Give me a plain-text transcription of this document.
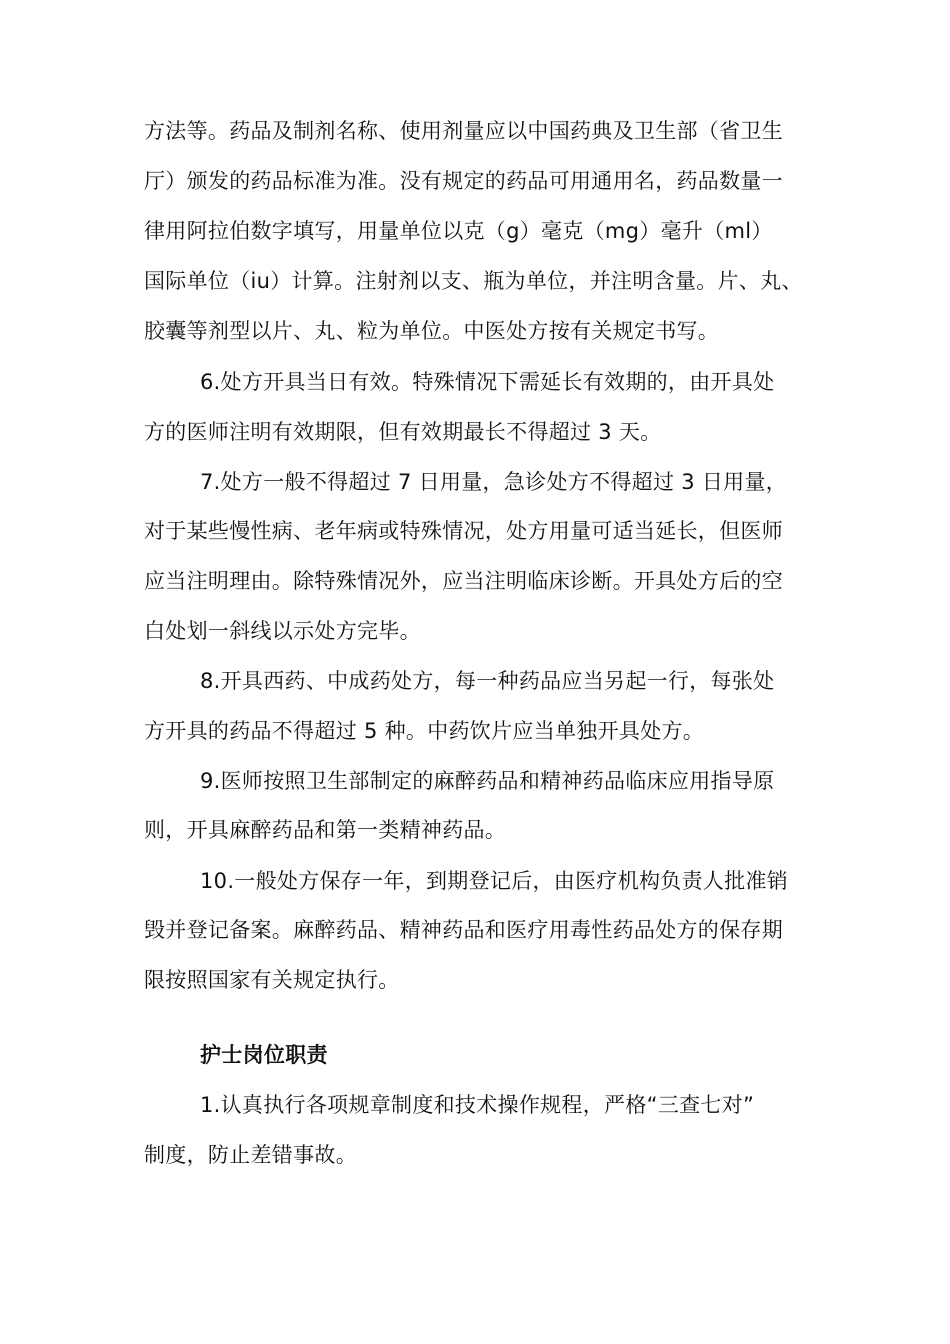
方法等。药品及制剂名称、使用剂量应以中国药典及卫生部（省卫生
厅）颁发的药品标准为准。没有规定的药品可用通用名，药品数量一
律用阿拉伯数字填写，用量单位以克（g）毫克（mg）毫升（ml）
国际单位（iu）计算。注射剂以支、瓶为单位，并注明含量。片、丸、
胶囊等剂型以片、丸、粒为单位。中医处方按有关规定书写。
6.处方开具当日有效。特殊情况下需延长有效期的，由开具处
方的医师注明有效期限，但有效期最长不得超过 3 天。
7.处方一般不得超过 7 日用量，急诊处方不得超过 3 日用量，
对于某些慢性病、老年病或特殊情况，处方用量可适当延长，但医师
应当注明理由。除特殊情况外，应当注明临床诊断。开具处方后的空
白处划一斜线以示处方完毕。
8.开具西药、中成药处方，每一种药品应当另起一行，每张处
方开具的药品不得超过 5 种。中药饮片应当单独开具处方。
9.医师按照卫生部制定的麻醉药品和精神药品临床应用指导原
则，开具麻醉药品和第一类精神药品。
10.一般处方保存一年，到期登记后，由医疗机构负责人批准销
毁并登记备案。麻醉药品、精神药品和医疗用毒性药品处方的保存期
限按照国家有关规定执行。
护士岗位职责
1.认真执行各项规章制度和技术操作规程，严格“三查七对”
制度，防止差错事故。
